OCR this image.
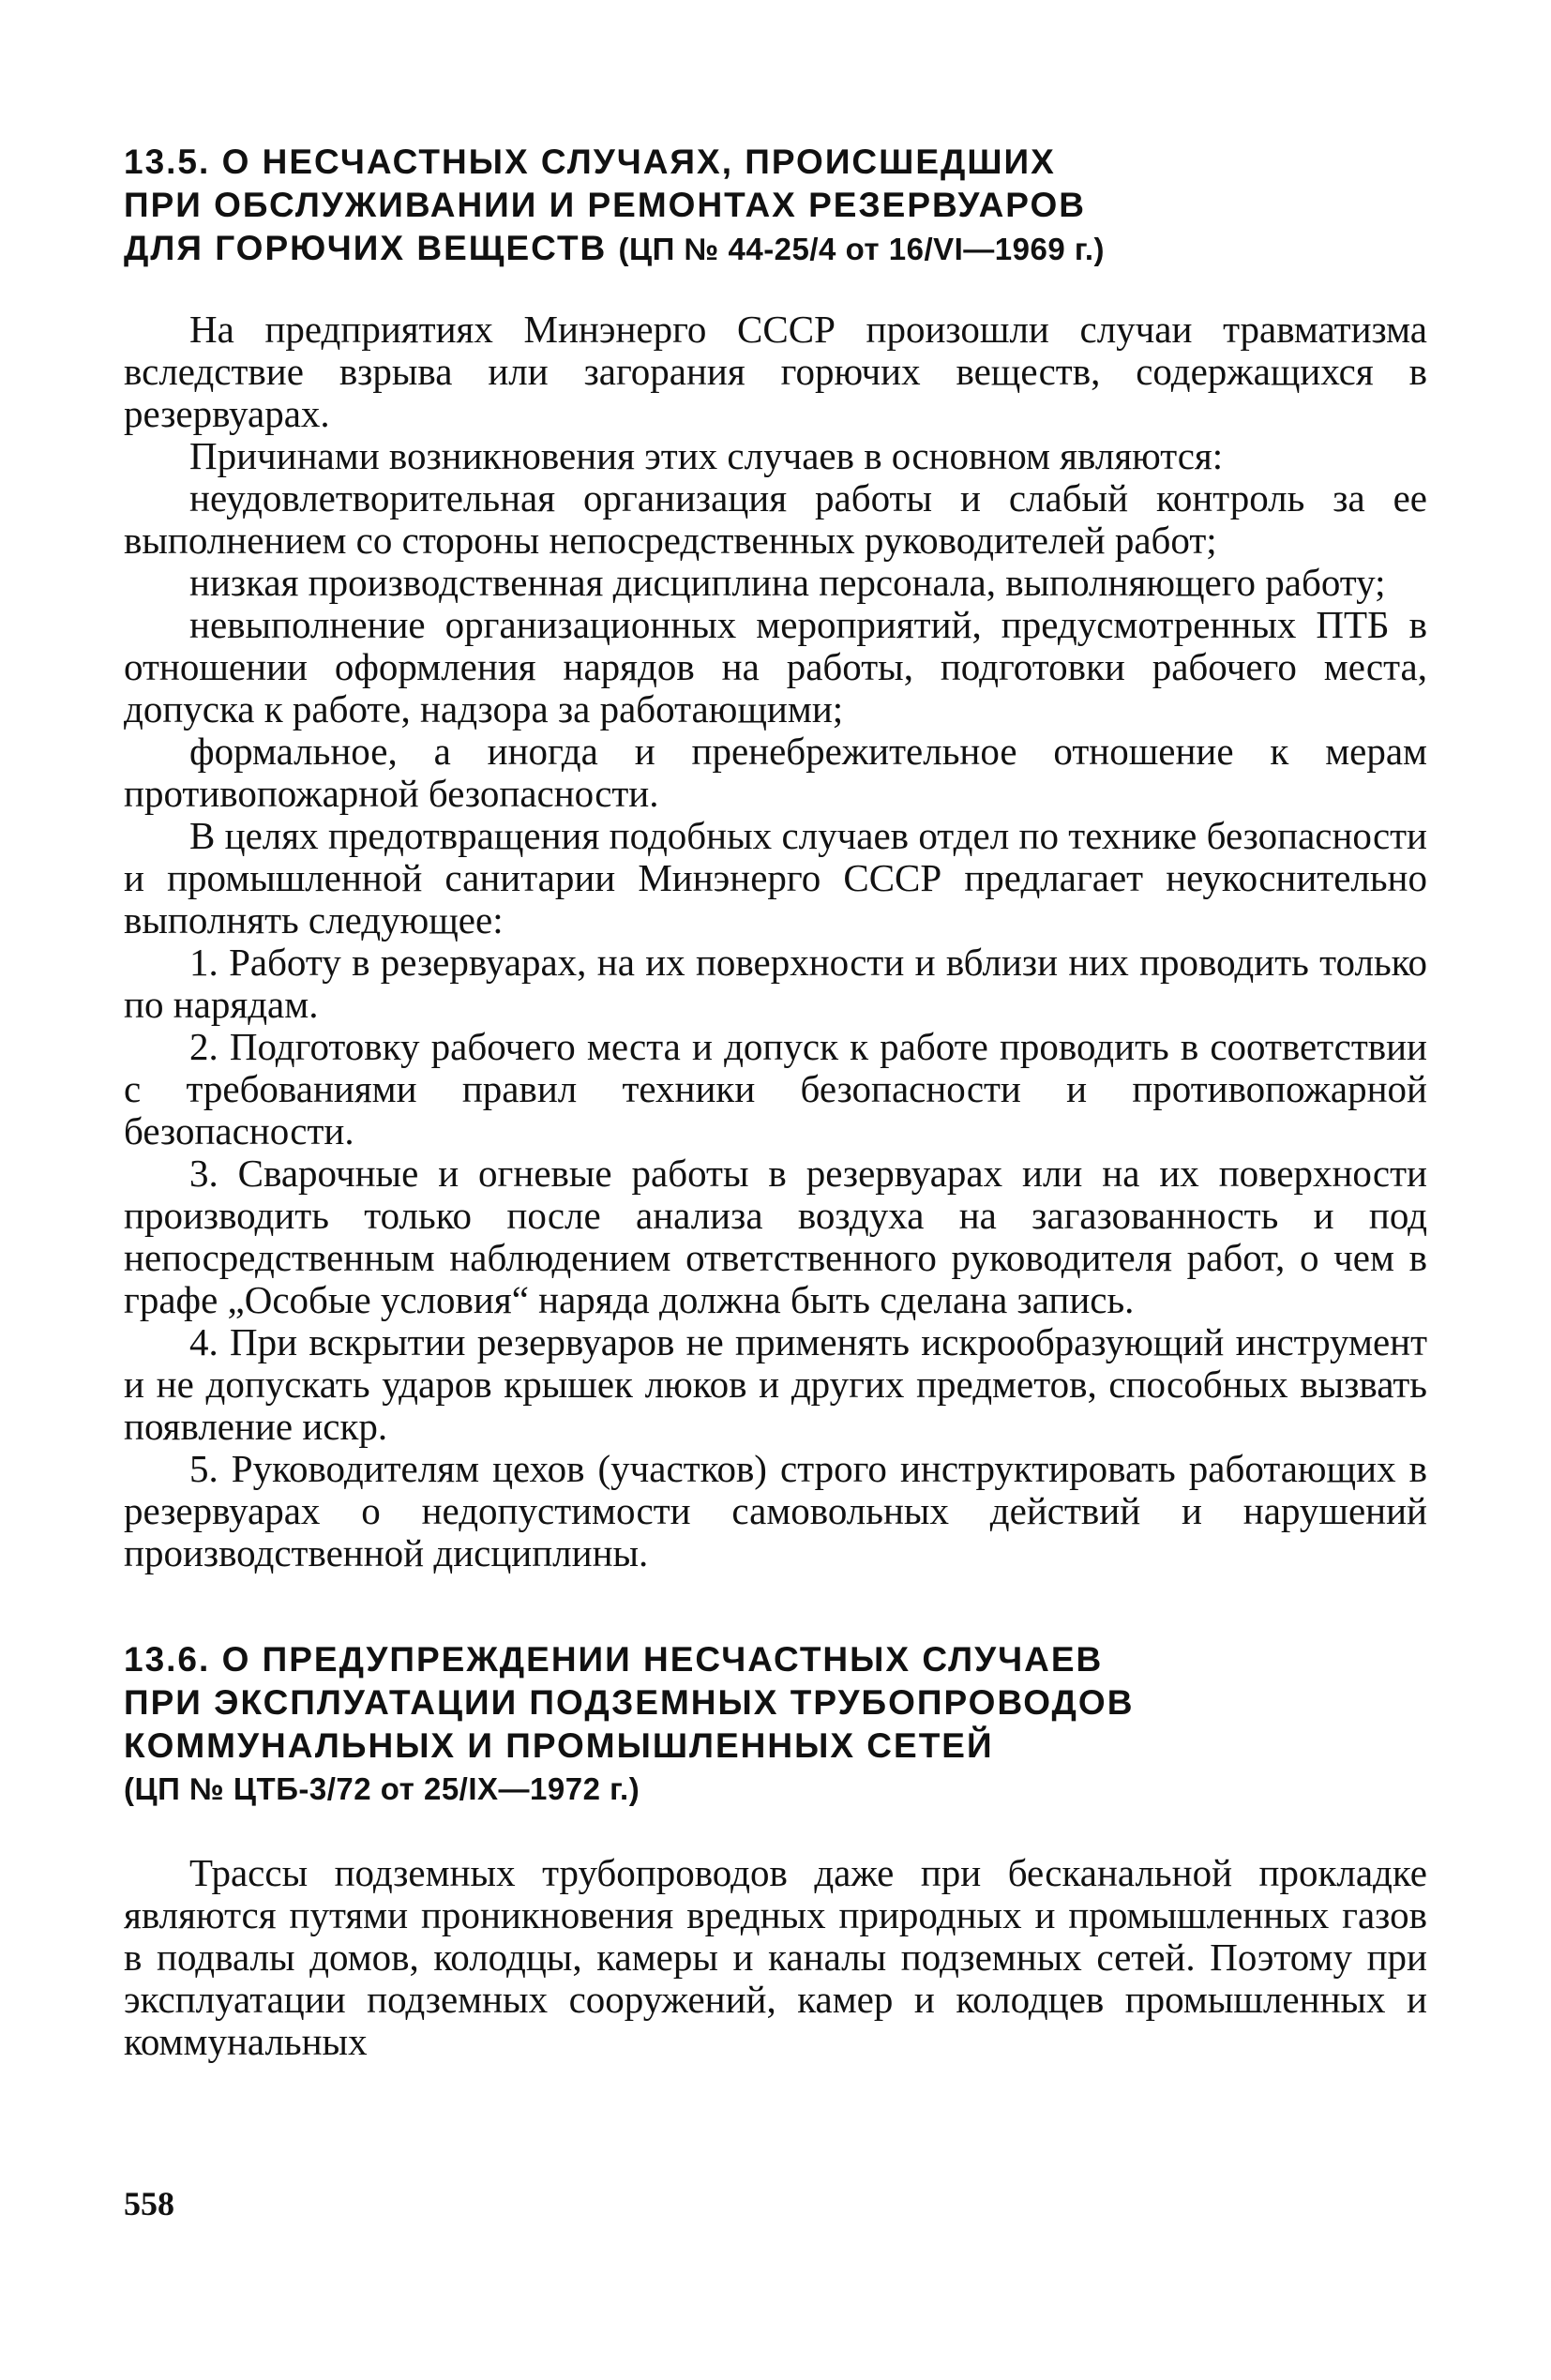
13.5. О НЕСЧАСТНЫХ СЛУЧАЯХ, ПРОИСШЕДШИХ
ПРИ ОБСЛУЖИВАНИИ И РЕМОНТАХ РЕЗЕРВУАРОВ
ДЛЯ ГОРЮЧИХ ВЕЩЕСТВ (ЦП № 44-25/4 от 16/VI—1969 г.)

На предприятиях Минэнерго СССР произошли случаи травматизма вследствие взрыва или загорания горючих веществ, содержащихся в резервуарах.

Причинами возникновения этих случаев в основном являются:

неудовлетворительная организация работы и слабый контроль за ее выполнением со стороны непосредственных руководителей работ;

низкая производственная дисциплина персонала, выполняющего работу;

невыполнение организационных мероприятий, предусмотренных ПТБ в отношении оформления нарядов на работы, подготовки рабочего места, допуска к работе, надзора за работающими;

формальное, а иногда и пренебрежительное отношение к мерам противопожарной безопасности.

В целях предотвращения подобных случаев отдел по технике безопасности и промышленной санитарии Минэнерго СССР предлагает неукоснительно выполнять следующее:

1. Работу в резервуарах, на их поверхности и вблизи них проводить только по нарядам.

2. Подготовку рабочего места и допуск к работе проводить в соответствии с требованиями правил техники безопасности и противопожарной безопасности.

3. Сварочные и огневые работы в резервуарах или на их поверхности производить только после анализа воздуха на загазованность и под непосредственным наблюдением ответственного руководителя работ, о чем в графе „Особые условия“ наряда должна быть сделана запись.

4. При вскрытии резервуаров не применять искрообразующий инструмент и не допускать ударов крышек люков и других предметов, способных вызвать появление искр.

5. Руководителям цехов (участков) строго инструктировать работающих в резервуарах о недопустимости самовольных действий и нарушений производственной дисциплины.

13.6. О ПРЕДУПРЕЖДЕНИИ НЕСЧАСТНЫХ СЛУЧАЕВ
ПРИ ЭКСПЛУАТАЦИИ ПОДЗЕМНЫХ ТРУБОПРОВОДОВ
КОММУНАЛЬНЫХ И ПРОМЫШЛЕННЫХ СЕТЕЙ
(ЦП № ЦТБ-3/72 от 25/IX—1972 г.)

Трассы подземных трубопроводов даже при бесканальной прокладке являются путями проникновения вредных природных и промышленных газов в подвалы домов, колодцы, камеры и каналы подземных сетей. Поэтому при эксплуатации подземных сооружений, камер и колодцев промышленных и коммунальных

558
